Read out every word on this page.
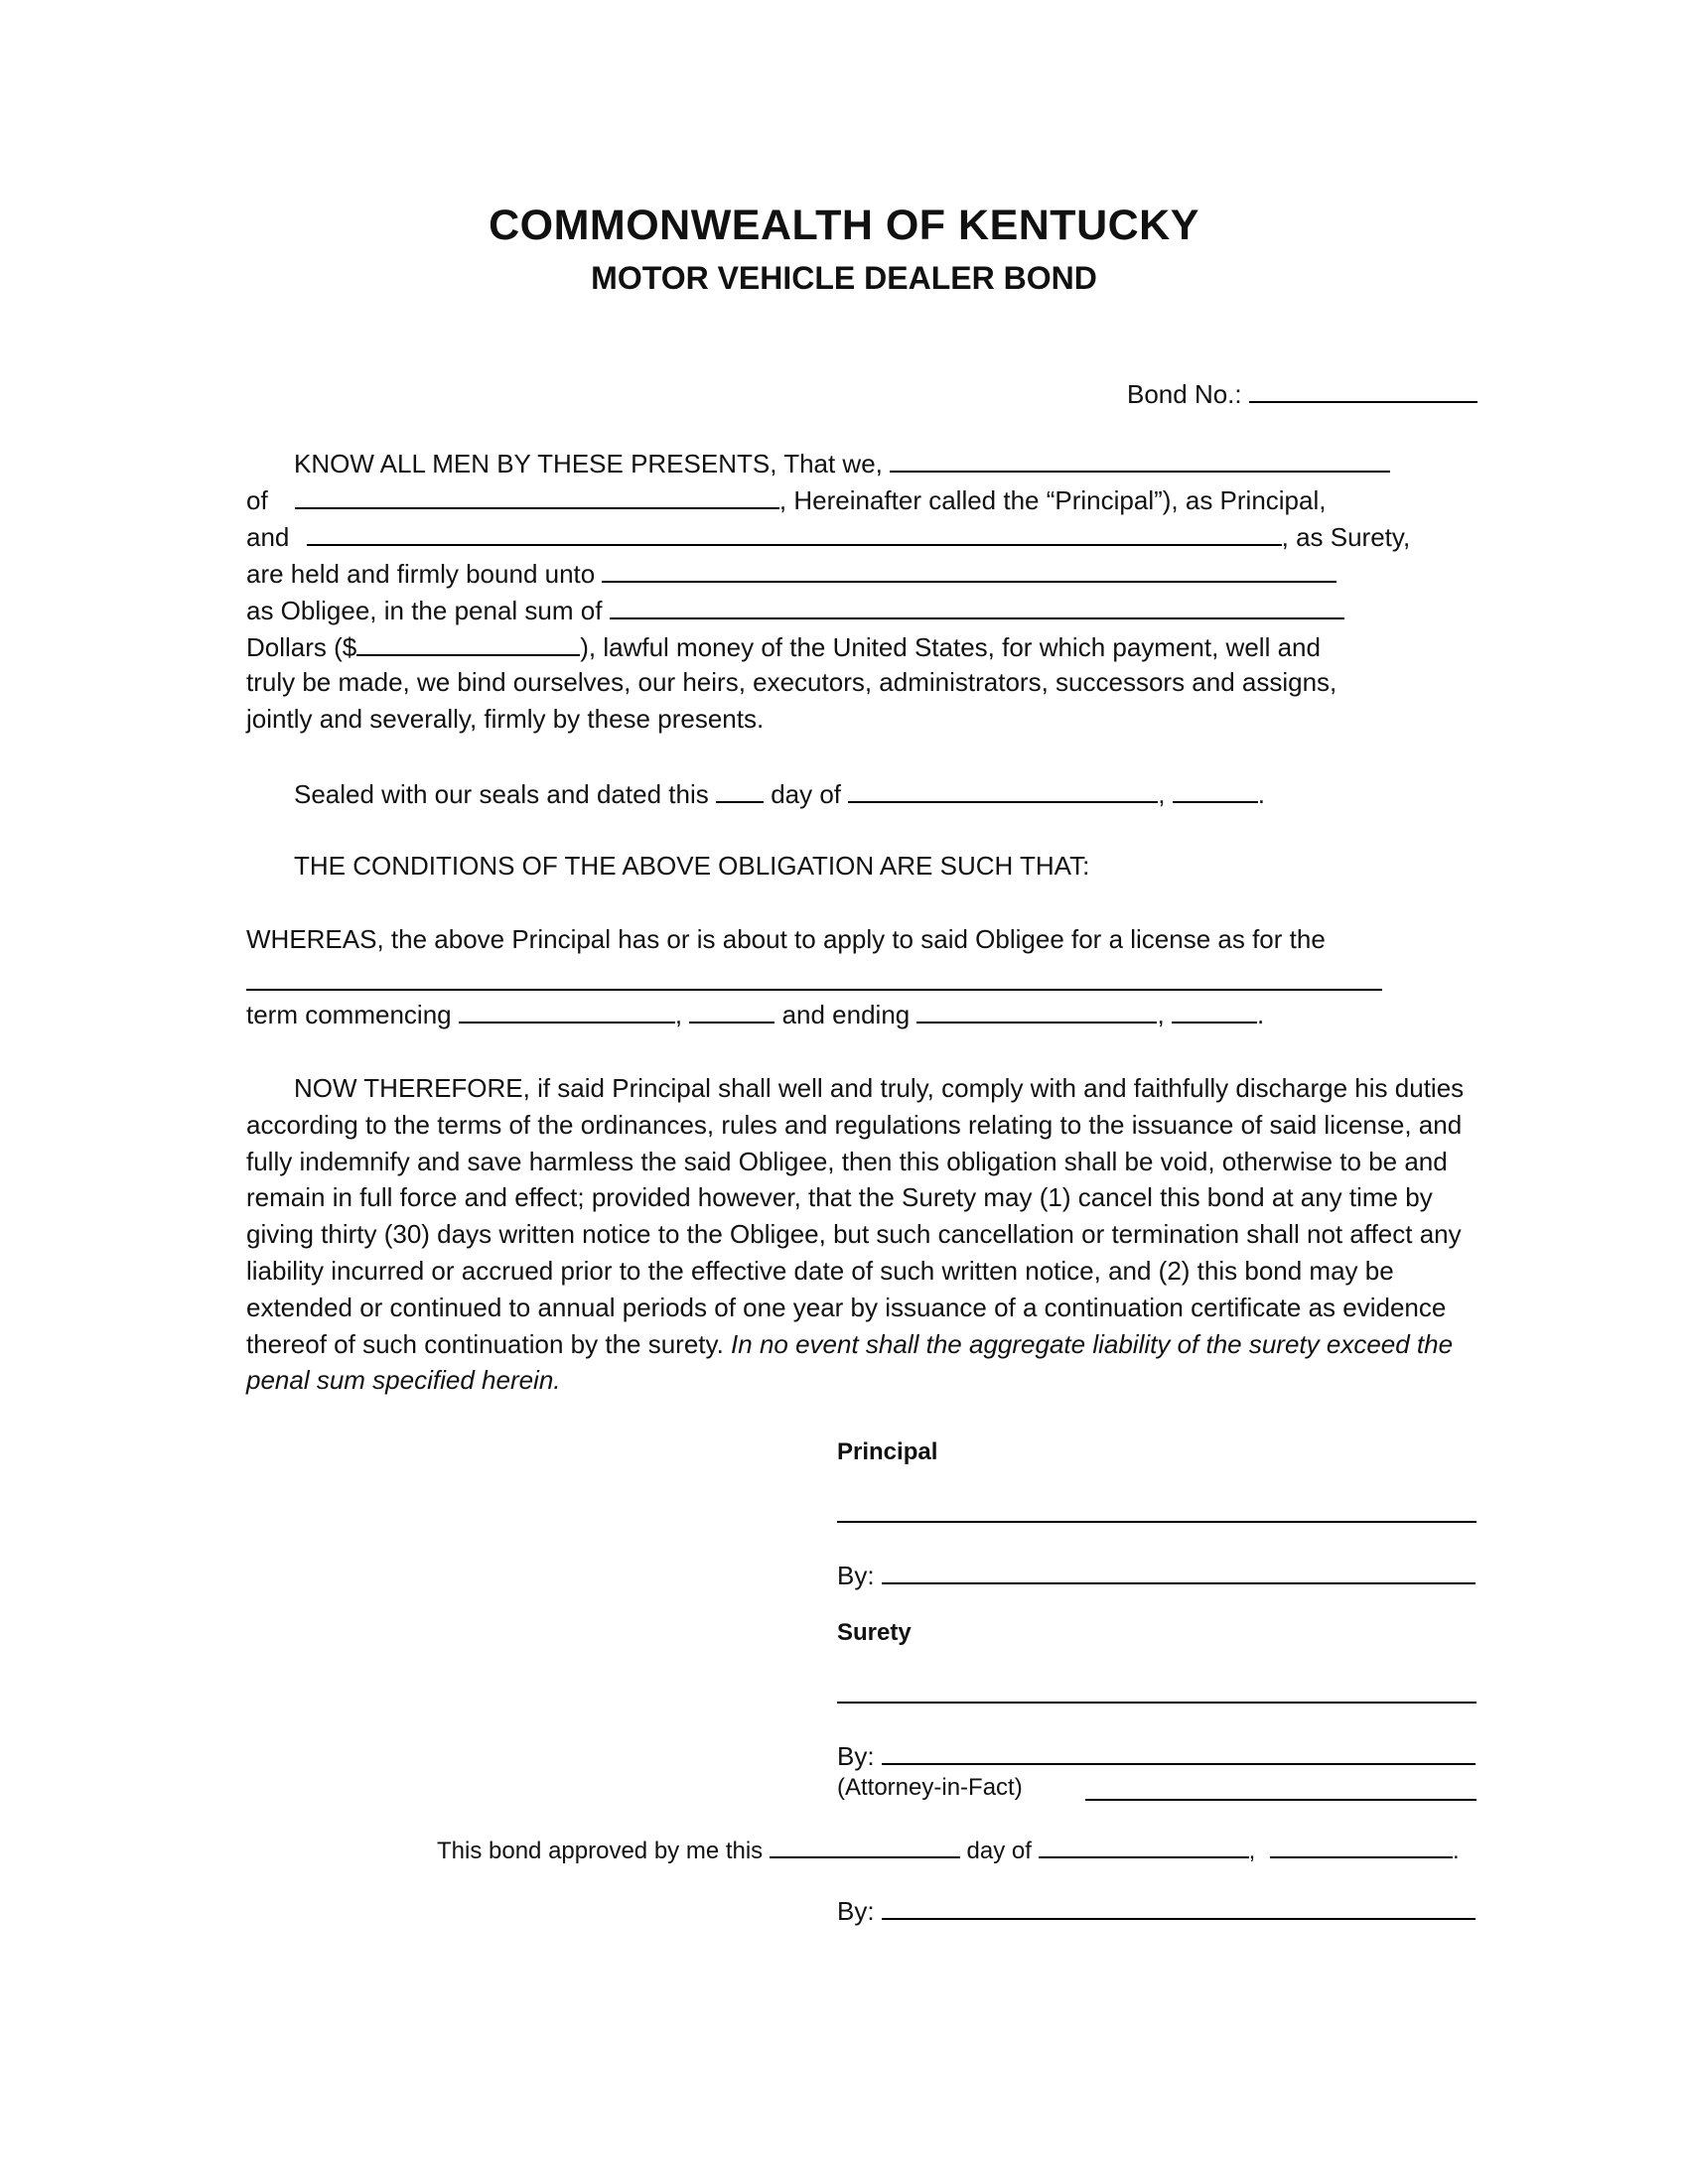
COMMONWEALTH OF KENTUCKY
MOTOR VEHICLE DEALER BOND
Bond No.:
KNOW ALL MEN BY THESE PRESENTS, That we,
of	, Hereinafter called the “Principal”), as Principal,
and	, as Surety,
are held and firmly bound unto
as Obligee, in the penal sum of
Dollars ($	), lawful money of the United States, for which payment, well and
truly be made, we bind ourselves, our heirs, executors, administrators, successors and assigns,
jointly and severally, firmly by these presents.
Sealed with our seals and dated this day of	,	.
THE CONDITIONS OF THE ABOVE OBLIGATION ARE SUCH THAT:
WHEREAS, the above Principal has or is about to apply to said Obligee for a license as for the
term commencing	,	and ending	,	.
NOW THEREFORE, if said Principal shall well and truly, comply with and faithfully discharge his duties according to the terms of the ordinances, rules and regulations relating to the issuance of said license, and fully indemnify and save harmless the said Obligee, then this obligation shall be void, otherwise to be and remain in full force and effect; provided however, that the Surety may (1) cancel this bond at any time by giving thirty (30) days written notice to the Obligee, but such cancellation or termination shall not affect any liability incurred or accrued prior to the effective date of such written notice, and (2) this bond may be extended or continued to annual periods of one year by issuance of a continuation certificate as evidence thereof of such continuation by the surety. In no event shall the aggregate liability of the surety exceed the penal sum specified herein.
Principal
By:
Surety
By:
(Attorney-in-Fact)
This bond approved by me this	day of	,	.
By:
